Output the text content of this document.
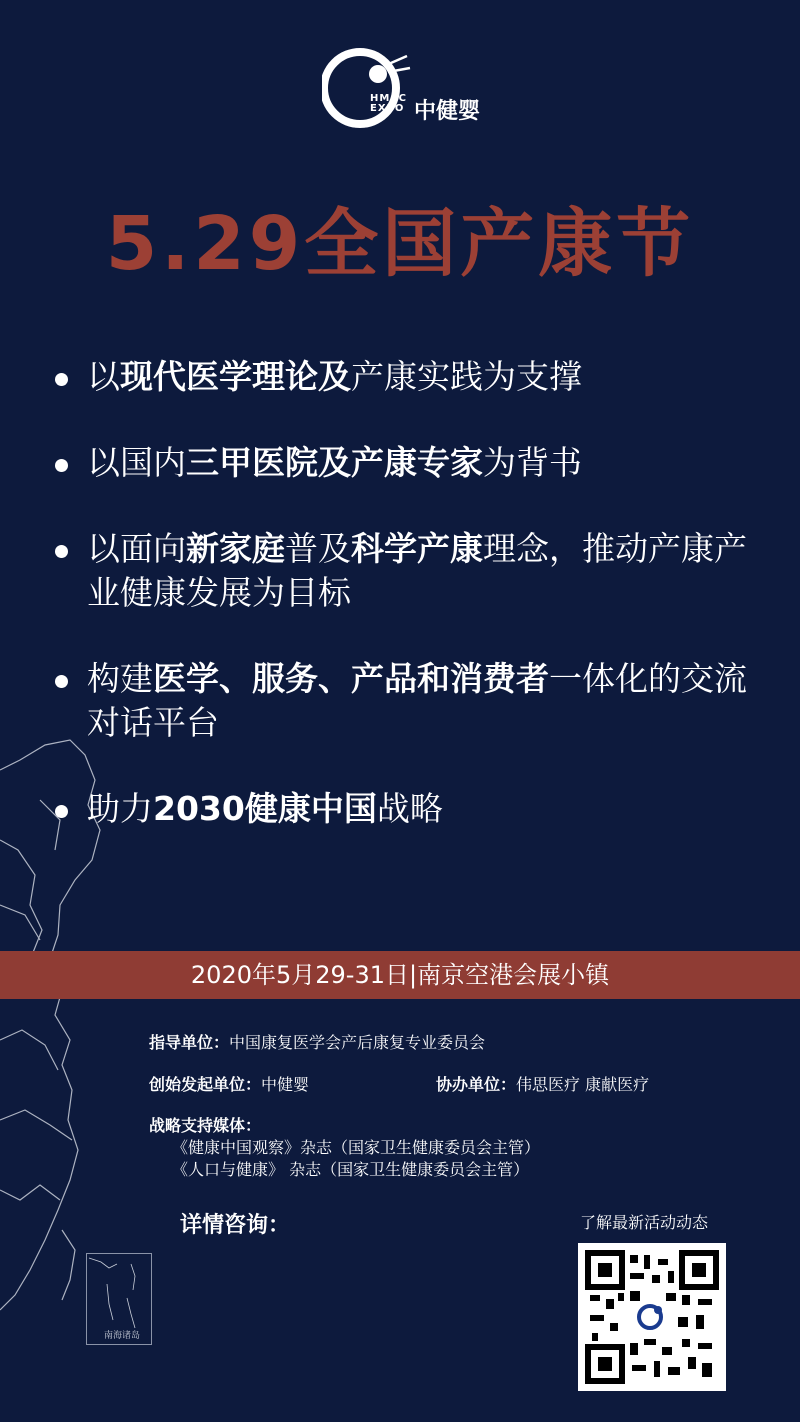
HMCC
EXPO 中健婴
5.29全国产康节
以现代医学理论及产康实践为支撑
以国内三甲医院及产康专家为背书
以面向新家庭普及科学产康理念，推动产康产业健康发展为目标
构建医学、服务、产品和消费者一体化的交流对话平台
助力2030健康中国战略
2020年5月29-31日|南京空港会展小镇
指导单位：中国康复医学会产后康复专业委员会
创始发起单位：中健婴	协办单位：伟思医疗 康献医疗
战略支持媒体：
《健康中国观察》杂志（国家卫生健康委员会主管）
《人口与健康》 杂志（国家卫生健康委员会主管）
详情咨询：	了解最新活动动态
南海诸岛
